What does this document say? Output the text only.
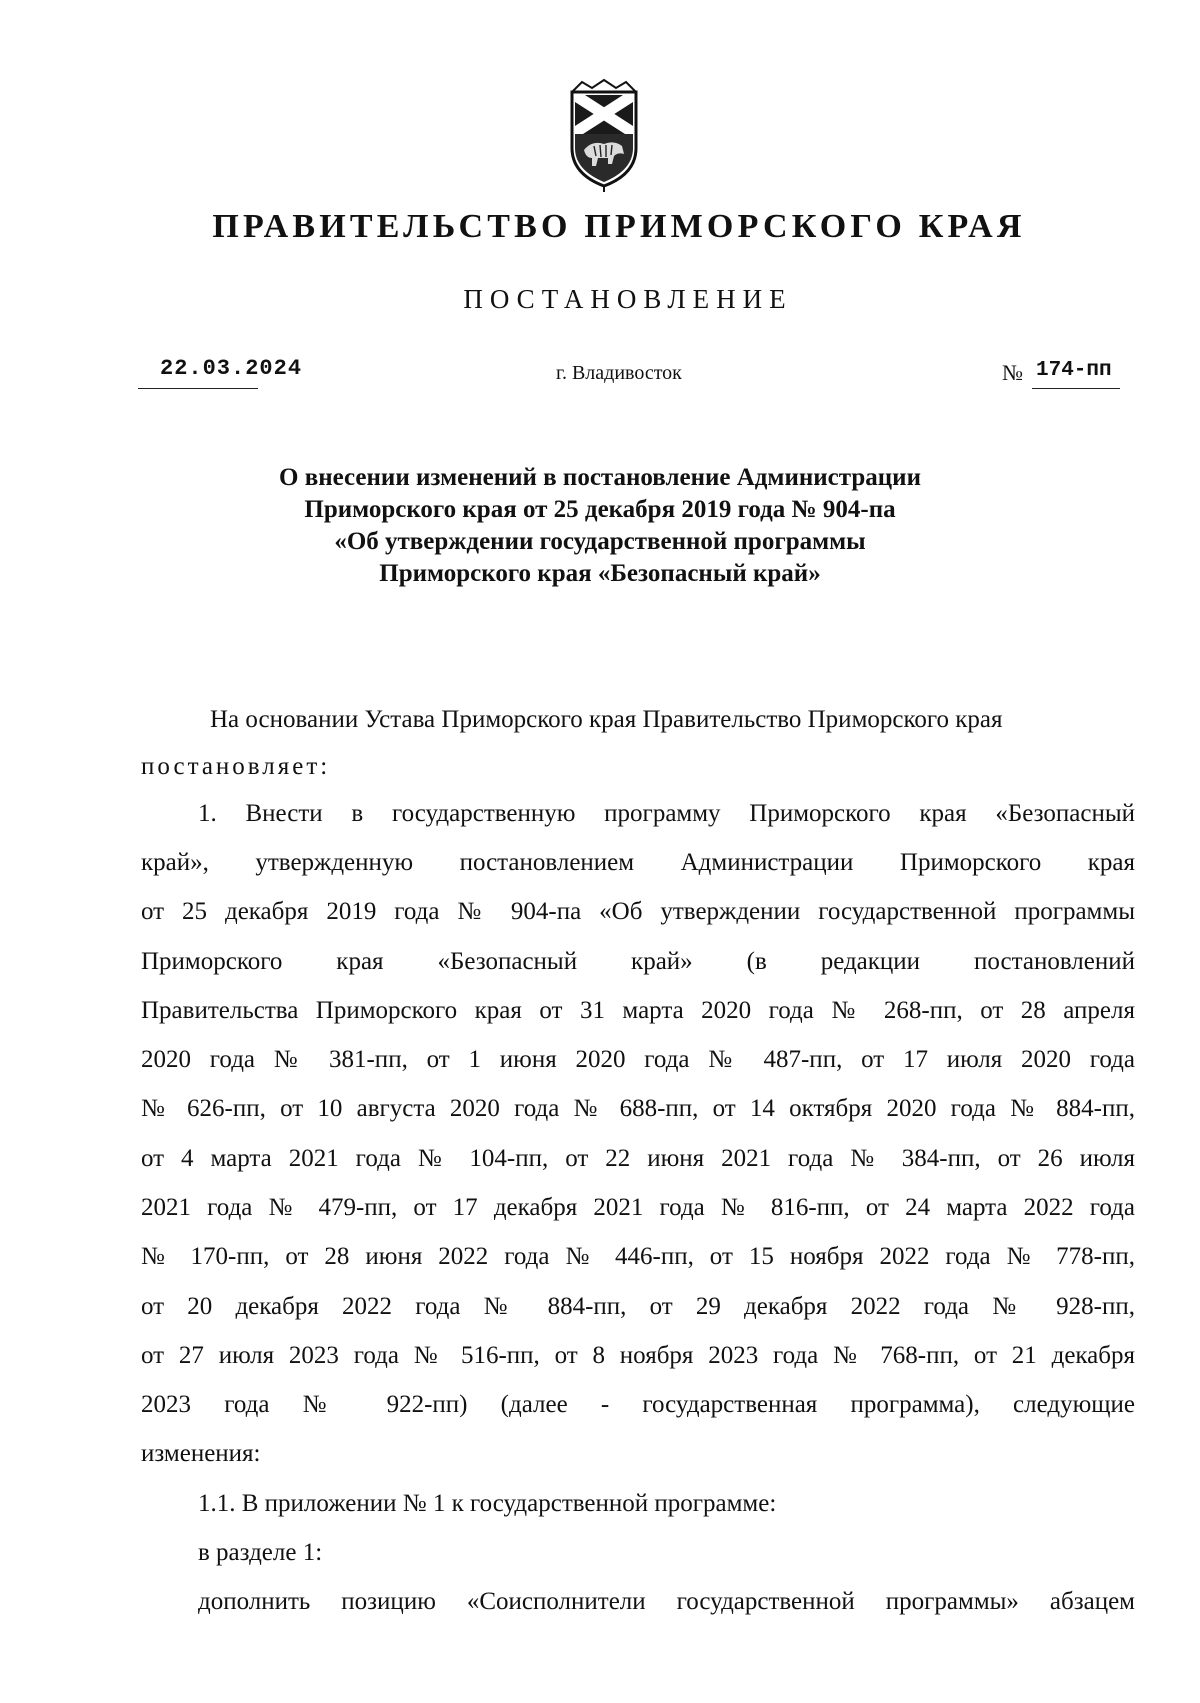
ПРАВИТЕЛЬСТВО ПРИМОРСКОГО КРАЯ
ПОСТАНОВЛЕНИЕ
22.03.2024	г. Владивосток	№ 174-пп
О внесении изменений в постановление Администрации
Приморского края от 25 декабря 2019 года № 904-па
«Об утверждении государственной программы
Приморского края «Безопасный край»
На основании Устава Приморского края Правительство Приморского края
постановляет:
1. Внести в государственную программу Приморского края «Безопасный
край», утвержденную постановлением Администрации Приморского края
от 25 декабря 2019 года № 904-па «Об утверждении государственной программы
Приморского края «Безопасный край» (в редакции постановлений
Правительства Приморского края от 31 марта 2020 года № 268-пп, от 28 апреля
2020 года № 381-пп, от 1 июня 2020 года № 487-пп, от 17 июля 2020 года
№ 626-пп, от 10 августа 2020 года № 688-пп, от 14 октября 2020 года № 884-пп,
от 4 марта 2021 года № 104-пп, от 22 июня 2021 года № 384-пп, от 26 июля
2021 года № 479-пп, от 17 декабря 2021 года № 816-пп, от 24 марта 2022 года
№ 170-пп, от 28 июня 2022 года № 446-пп, от 15 ноября 2022 года № 778-пп,
от 20 декабря 2022 года № 884-пп, от 29 декабря 2022 года № 928-пп,
от 27 июля 2023 года № 516-пп, от 8 ноября 2023 года № 768-пп, от 21 декабря
2023 года № 922-пп) (далее - государственная программа), следующие
изменения:
1.1. В приложении № 1 к государственной программе:
в разделе 1:
дополнить позицию «Соисполнители государственной программы» абзацем
